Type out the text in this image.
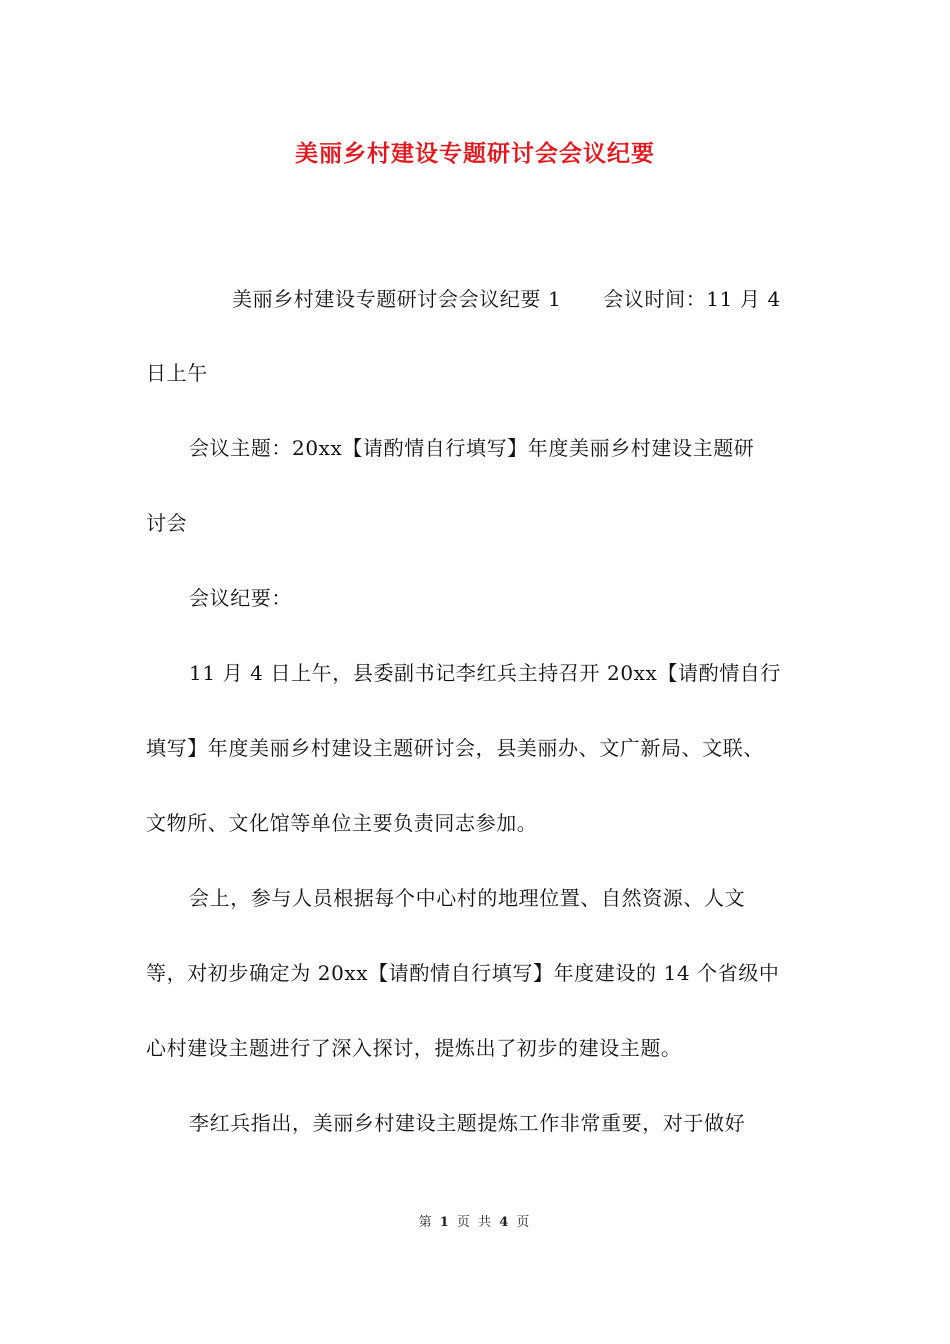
美丽乡村建设专题研讨会会议纪要
美丽乡村建设专题研讨会会议纪要 1 会议时间：11 月 4
日上午
会议主题：20xx【请酌情自行填写】年度美丽乡村建设主题研
讨会
会议纪要：
11 月 4 日上午，县委副书记李红兵主持召开 20xx【请酌情自行
填写】年度美丽乡村建设主题研讨会，县美丽办、文广新局、文联、
文物所、文化馆等单位主要负责同志参加。
会上，参与人员根据每个中心村的地理位置、自然资源、人文
等，对初步确定为 20xx【请酌情自行填写】年度建设的 14 个省级中
心村建设主题进行了深入探讨，提炼出了初步的建设主题。
李红兵指出，美丽乡村建设主题提炼工作非常重要，对于做好
第 1 页 共 4 页
